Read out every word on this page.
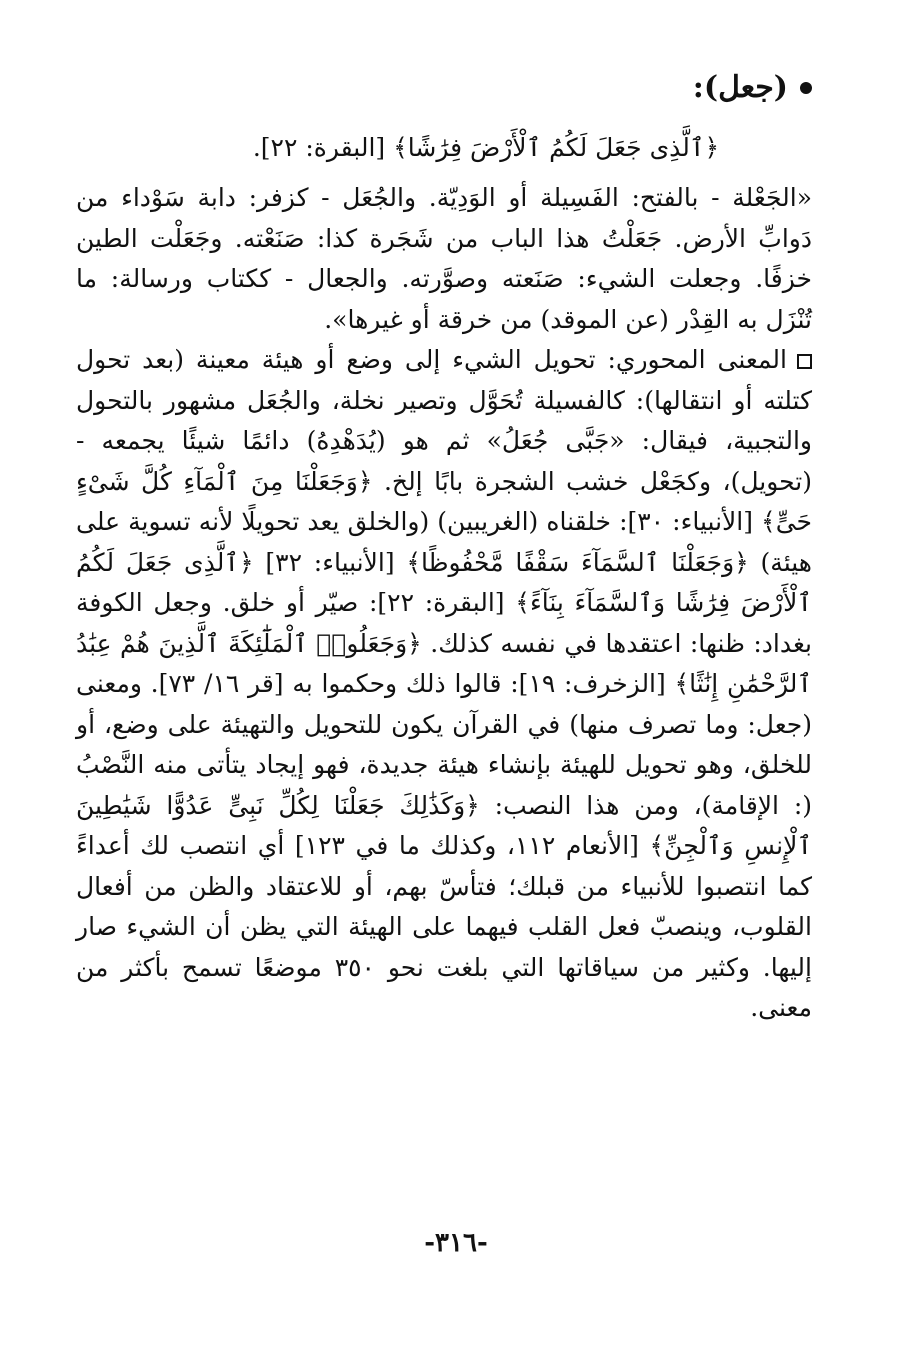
(جعل):
﴿ٱلَّذِى جَعَلَ لَكُمُ ٱلْأَرْضَ فِرَٰشًا﴾ [البقرة: ٢٢].

«الجَعْلة - بالفتح: الفَسِيلة أو الوَدِيّة. والجُعَل - كزفر: دابة سَوْداء من دَوابِّ الأرض. جَعَلْتُ هذا الباب من شَجَرة كذا: صَنَعْته. وجَعَلْت الطين خزفًا. وجعلت الشيء: صَنَعته وصوَّرته. والجعال - ككتاب ورسالة: ما تُنْزَل به القِدْر (عن الموقد) من خرقة أو غيرها».

المعنى المحوري: تحويل الشيء إلى وضع أو هيئة معينة (بعد تحول كتلته أو انتقالها): كالفسيلة تُحَوَّل وتصير نخلة، والجُعَل مشهور بالتحول والتجبية، فيقال: «جَبَّى جُعَلُ» ثم هو (يُدَهْدِهُ) دائمًا شيئًا يجمعه - (تحويل)، وكجَعْل خشب الشجرة بابًا إلخ. ﴿وَجَعَلْنَا مِنَ ٱلْمَآءِ كُلَّ شَىْءٍ حَىٍّ﴾ [الأنبياء: ٣٠]: خلقناه (الغريبين) (والخلق يعد تحويلًا لأنه تسوية على هيئة) ﴿وَجَعَلْنَا ٱلسَّمَآءَ سَقْفًا مَّحْفُوظًا﴾ [الأنبياء: ٣٢] ﴿ٱلَّذِى جَعَلَ لَكُمُ ٱلْأَرْضَ فِرَٰشًا وَٱلسَّمَآءَ بِنَآءً﴾ [البقرة: ٢٢]: صيّر أو خلق. وجعل الكوفة بغداد: ظنها: اعتقدها في نفسه كذلك. ﴿وَجَعَلُوا۟ ٱلْمَلَٰٓئِكَةَ ٱلَّذِينَ هُمْ عِبَٰدُ ٱلرَّحْمَٰنِ إِنَٰثًا﴾ [الزخرف: ١٩]: قالوا ذلك وحكموا به [قر ١٦/ ٧٣]. ومعنى (جعل: وما تصرف منها) في القرآن يكون للتحويل والتهيئة على وضع، أو للخلق، وهو تحويل للهيئة بإنشاء هيئة جديدة، فهو إيجاد يتأتى منه النَّصْبُ (: الإقامة)، ومن هذا النصب: ﴿وَكَذَٰلِكَ جَعَلْنَا لِكُلِّ نَبِىٍّ عَدُوًّا شَيَٰطِينَ ٱلْإِنسِ وَٱلْجِنِّ﴾ [الأنعام ١١٢، وكذلك ما في ١٢٣] أي انتصب لك أعداءً كما انتصبوا للأنبياء من قبلك؛ فتأسّ بهم، أو للاعتقاد والظن من أفعال القلوب، وينصبّ فعل القلب فيهما على الهيئة التي يظن أن الشيء صار إليها. وكثير من سياقاتها التي بلغت نحو ٣٥٠ موضعًا تسمح بأكثر من معنى.

-٣١٦-
